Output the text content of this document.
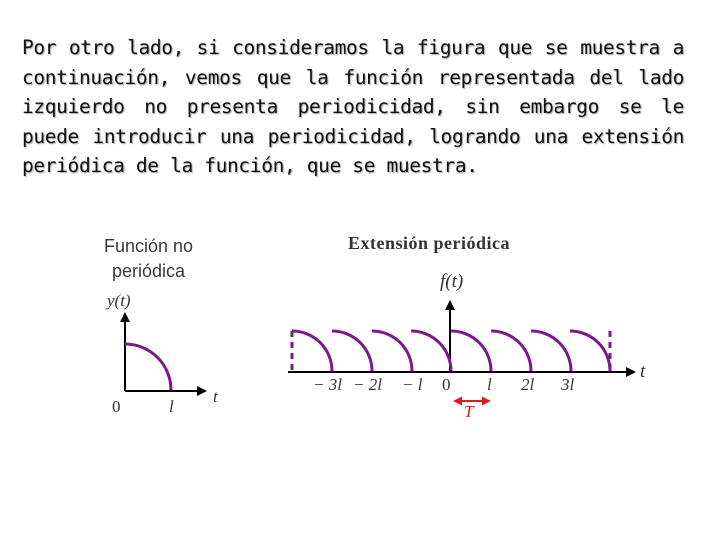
Por otro lado, si consideramos la figura que se muestra a continuación, vemos que la función representada del lado izquierdo no presenta periodicidad, sin embargo se le puede introducir una periodicidad, logrando una extensión periódica de la función, que se muestra.
Función no
periódica
y(t)
t
0	l
Extensión periódica
f(t)
t
− 3l − 2l − l 0 l 2l 3l
T
